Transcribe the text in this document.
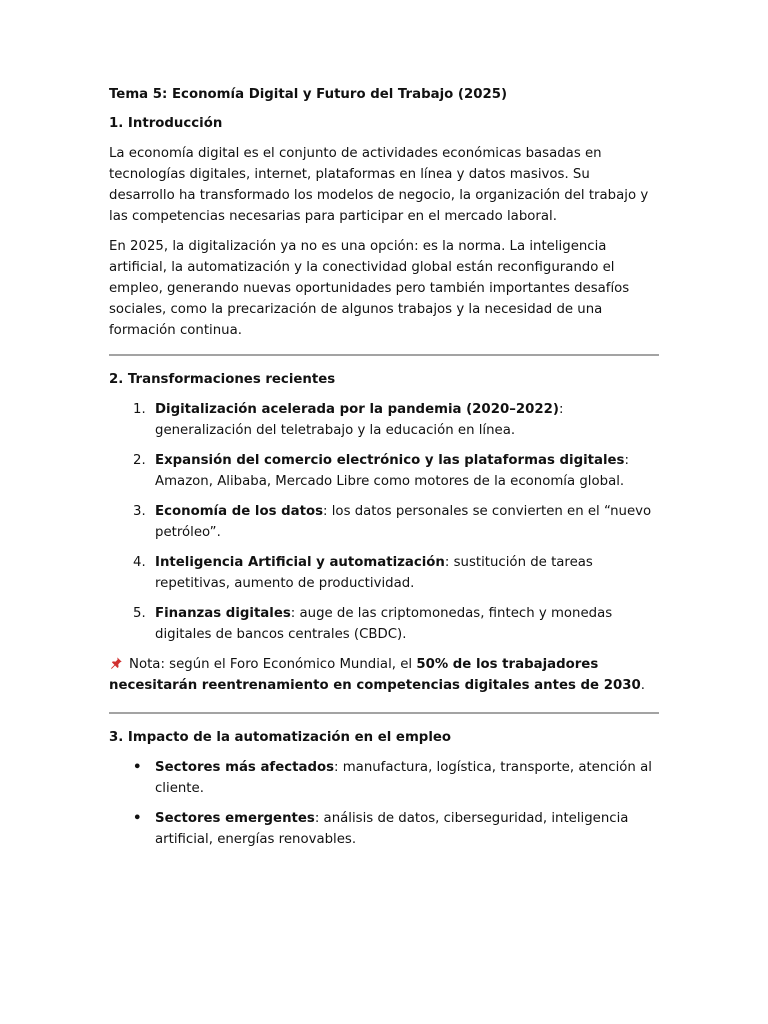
Tema 5: Economía Digital y Futuro del Trabajo (2025)
1. Introducción

La economía digital es el conjunto de actividades económicas basadas en tecnologías digitales, internet, plataformas en línea y datos masivos. Su desarrollo ha transformado los modelos de negocio, la organización del trabajo y las competencias necesarias para participar en el mercado laboral.

En 2025, la digitalización ya no es una opción: es la norma. La inteligencia artificial, la automatización y la conectividad global están reconfigurando el empleo, generando nuevas oportunidades pero también importantes desafíos sociales, como la precarización de algunos trabajos y la necesidad de una formación continua.

2. Transformaciones recientes
1. Digitalización acelerada por la pandemia (2020–2022): generalización del teletrabajo y la educación en línea.
2. Expansión del comercio electrónico y las plataformas digitales: Amazon, Alibaba, Mercado Libre como motores de la economía global.
3. Economía de los datos: los datos personales se convierten en el “nuevo petróleo”.
4. Inteligencia Artificial y automatización: sustitución de tareas repetitivas, aumento de productividad.
5. Finanzas digitales: auge de las criptomonedas, fintech y monedas digitales de bancos centrales (CBDC).

Nota: según el Foro Económico Mundial, el 50% de los trabajadores necesitarán reentrenamiento en competencias digitales antes de 2030.

3. Impacto de la automatización en el empleo
• Sectores más afectados: manufactura, logística, transporte, atención al cliente.
• Sectores emergentes: análisis de datos, ciberseguridad, inteligencia artificial, energías renovables.
